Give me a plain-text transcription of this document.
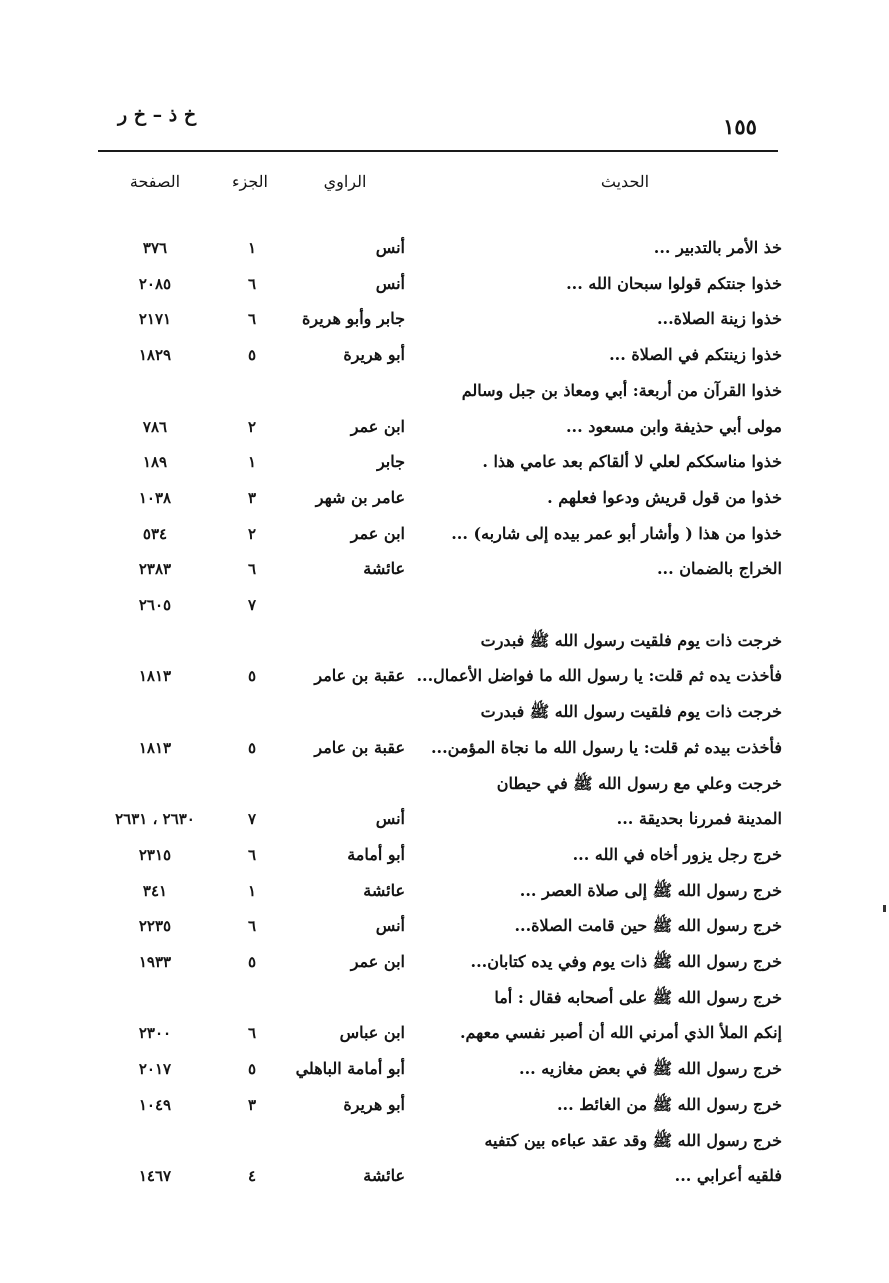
خ ذ – خ ر	١٥٥
الحديث
الراوي
الجزء
الصفحة
خذ الأمر بالتدبير ...
أنس
١
٣٧٦
خذوا جنتكم قولوا سبحان الله ...
أنس
٦
٢٠٨٥
خذوا زينة الصلاة...
جابر وأبو هريرة
٦
٢١٧١
خذوا زينتكم في الصلاة ...
أبو هريرة
٥
١٨٢٩
خذوا القرآن من أربعة: أبي ومعاذ بن جبل وسالم
مولى أبي حذيفة وابن مسعود ...
ابن عمر
٢
٧٨٦
خذوا مناسككم لعلي لا ألقاكم بعد عامي هذا .
جابر
١
١٨٩
خذوا من قول قريش ودعوا فعلهم .
عامر بن شهر
٣
١٠٣٨
خذوا من هذا ( وأشار أبو عمر بيده إلى شاربه) ...
ابن عمر
٢
٥٣٤
الخراج بالضمان ...
عائشة
٦
٢٣٨٣
٧
٢٦٠٥
خرجت ذات يوم فلقيت رسول الله ﷺ فبدرت
فأخذت يده ثم قلت: يا رسول الله ما فواضل الأعمال...
عقبة بن عامر
٥
١٨١٣
خرجت ذات يوم فلقيت رسول الله ﷺ فبدرت
فأخذت بيده ثم قلت: يا رسول الله ما نجاة المؤمن...
عقبة بن عامر
٥
١٨١٣
خرجت وعلي مع رسول الله ﷺ في حيطان
المدينة فمررنا بحديقة ...
أنس
٧
٢٦٣٠ ، ٢٦٣١
خرج رجل يزور أخاه في الله ...
أبو أمامة
٦
٢٣١٥
خرج رسول الله ﷺ إلى صلاة العصر ...
عائشة
١
٣٤١
خرج رسول الله ﷺ حين قامت الصلاة...
أنس
٦
٢٢٣٥
خرج رسول الله ﷺ ذات يوم وفي يده كتابان...
ابن عمر
٥
١٩٣٣
خرج رسول الله ﷺ على أصحابه فقال : أما
إنكم الملأ الذي أمرني الله أن أصبر نفسي معهم.
ابن عباس
٦
٢٣٠٠
خرج رسول الله ﷺ في بعض مغازيه ...
أبو أمامة الباهلي
٥
٢٠١٧
خرج رسول الله ﷺ من الغائط ...
أبو هريرة
٣
١٠٤٩
خرج رسول الله ﷺ وقد عقد عباءه بين كتفيه
فلقيه أعرابي ...
عائشة
٤
١٤٦٧
